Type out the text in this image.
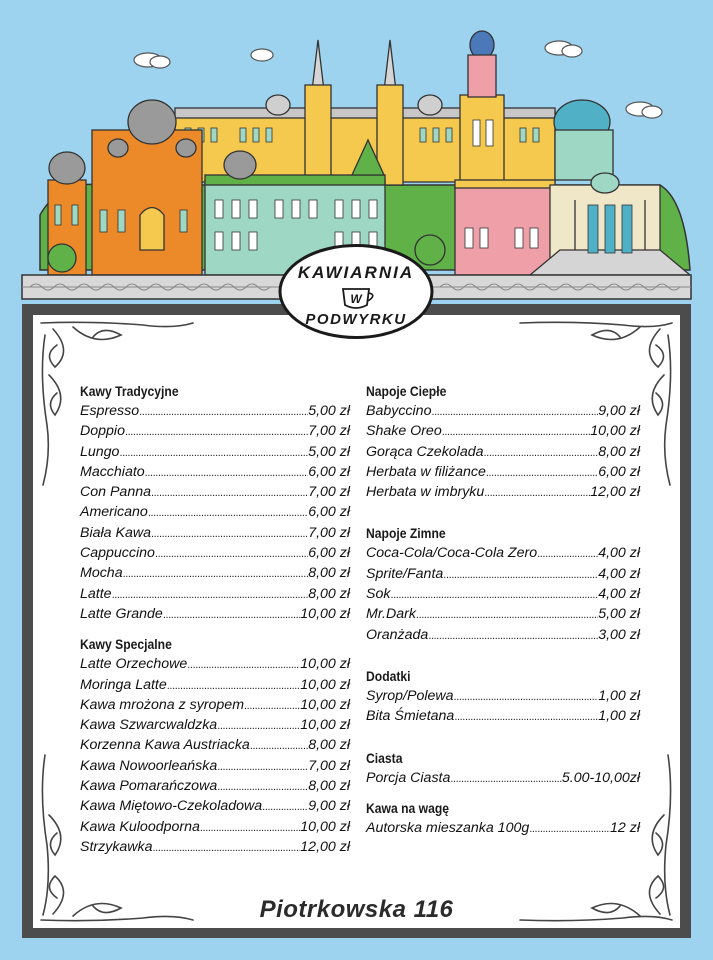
Kawy Tradycyjne
Espresso .....	5,00 zł
Doppio .....	7,00 zł
Lungo .....	5,00 zł
Macchiato .....	6,00 zł
Con Panna .....	7,00 zł
Americano .....	6,00 zł
Biała Kawa .....	7,00 zł
Cappuccino .....	6,00 zł
Mocha .....	8,00 zł
Latte .....	8,00 zł
Latte Grande .....	10,00 zł
Kawy Specjalne
Latte Orzechowe .....	10,00 zł
Moringa Latte .....	10,00 zł
Kawa mrożona z syropem .....	10,00 zł
Kawa Szwarcwaldzka .....	10,00 zł
Korzenna Kawa Austriacka .....	8,00 zł
Kawa Nowoorleańska .....	7,00 zł
Kawa Pomarańczowa .....	8,00 zł
Kawa Miętowo-Czekoladowa .....	9,00 zł
Kawa Kuloodporna .....	10,00 zł
Strzykawka .....	12,00 zł
Napoje Ciepłe
Babyccino .....	9,00 zł
Shake Oreo .....	10,00 zł
Gorąca Czekolada .....	8,00 zł
Herbata w filiżance .....	6,00 zł
Herbata w imbryku .....	12,00 zł
Napoje Zimne
Coca-Cola/Coca-Cola Zero .....	4,00 zł
Sprite/Fanta .....	4,00 zł
Sok .....	4,00 zł
Mr.Dark .....	5,00 zł
Oranżada .....	3,00 zł
Dodatki
Syrop/Polewa .....	1,00 zł
Bita Śmietana .....	1,00 zł
Ciasta
Porcja Ciasta .....	5.00-10,00zł
Kawa na wagę
Autorska mieszanka 100g .....	12 zł
KAWIARNIA
W
PODWYRKU
Piotrkowska 116
